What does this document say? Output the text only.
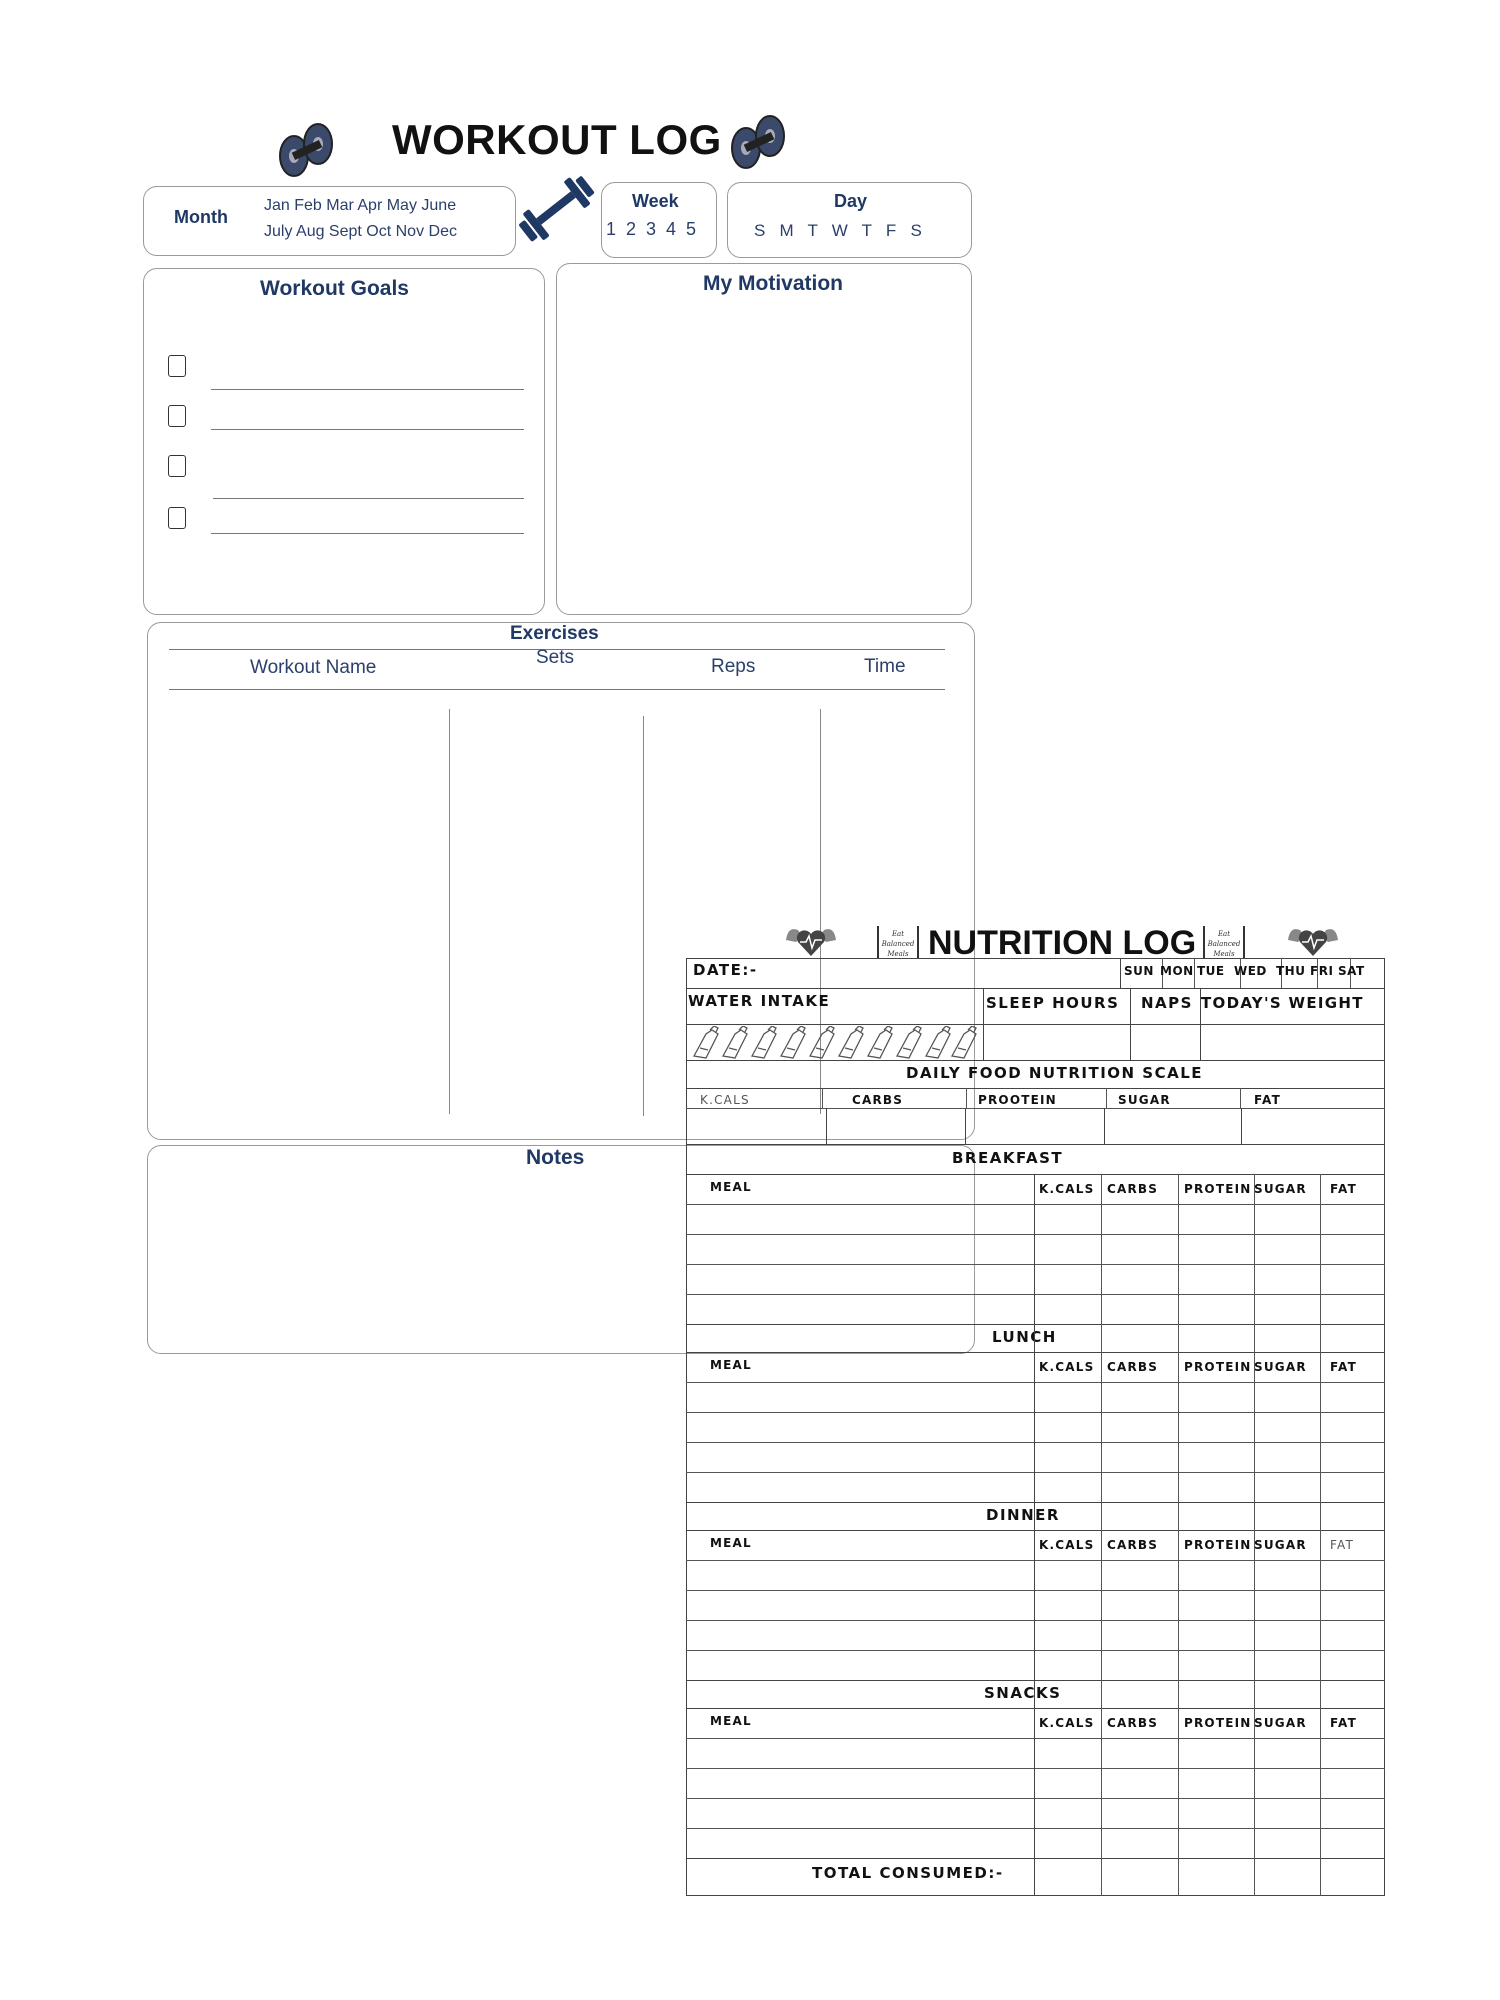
WORKOUT LOG
Month
Jan Feb Mar Apr May June
July Aug Sept Oct Nov Dec
Week
1  2  3  4  5
Day
S   M   T   W   T   F   S
Workout Goals	My Motivation
Exercises
Workout Name	Sets	Reps	Time
Notes
Eat
Balanced
Meals NUTRITION LOG	Eat
Balanced
Meals
DATE:-	SUN MON TUE WED THU FRI SAT
WATER INTAKE	SLEEP HOURS NAPS TODAY'S WEIGHT
DAILY FOOD NUTRITION SCALE
K.CALS	CARBS	PROOTEIN	SUGAR	FAT
BREAKFAST
MEAL	K.CALS CARBS PROTEIN SUGAR FAT
LUNCH
MEAL	K.CALS CARBS PROTEIN SUGAR FAT
DINNER
MEAL	K.CALS CARBS PROTEIN SUGAR FAT
SNACKS
MEAL	K.CALS CARBS PROTEIN SUGAR FAT
TOTAL CONSUMED:-
